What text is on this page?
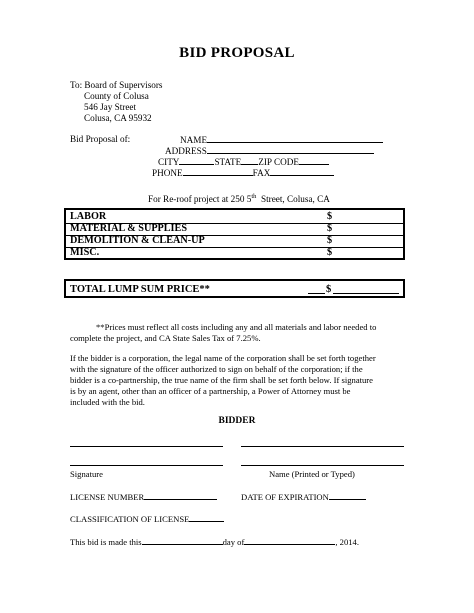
BID PROPOSAL
To: Board of Supervisors
County of Colusa
546 Jay Street
Colusa, CA 95932
Bid Proposal of:	NAME
ADDRESS
CITY	STATE ZIP CODE
PHONE	FAX
For Re-roof project at 250 5th  Street, Colusa, CA
LABOR	$
MATERIAL & SUPPLIES	$
DEMOLITION & CLEAN-UP	$
MISC.	$
TOTAL LUMP SUM PRICE**	$
**Prices must reflect all costs including any and all materials and labor needed to
complete the project, and CA State Sales Tax of 7.25%.
If the bidder is a corporation, the legal name of the corporation shall be set forth together
with the signature of the officer authorized to sign on behalf of the corporation; if the
bidder is a co-partnership, the true name of the firm shall be set forth below. If signature
is by an agent, other than an officer of a partnership, a Power of Attorney must be
included with the bid.
BIDDER
Signature	Name (Printed or Typed)
LICENSE NUMBER	DATE OF EXPIRATION
CLASSIFICATION OF LICENSE
This bid is made this	day of	, 2014.
